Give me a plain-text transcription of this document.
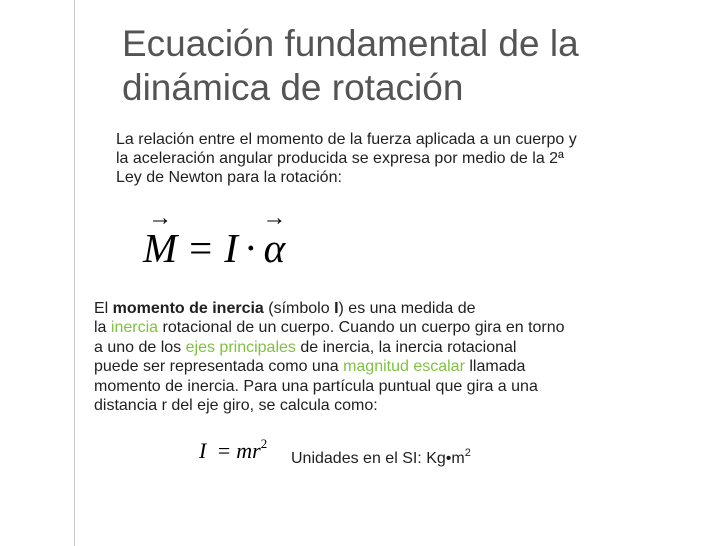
Ecuación fundamental de la
dinámica de rotación
La relación entre el momento de la fuerza aplicada a un cuerpo y
la aceleración angular producida se expresa por medio de la 2ª
Ley de Newton para la rotación:
→
M = I ·
→
α
El momento de inercia (símbolo I) es una medida de
la inercia rotacional de un cuerpo. Cuando un cuerpo gira en torno
a uno de los ejes principales de inercia, la inercia rotacional
puede ser representada como una magnitud escalar llamada
momento de inercia. Para una partícula puntual que gira a una
distancia r del eje giro, se calcula como:
$I = mr^2$
Unidades en el SI: $Kg•m^2$
